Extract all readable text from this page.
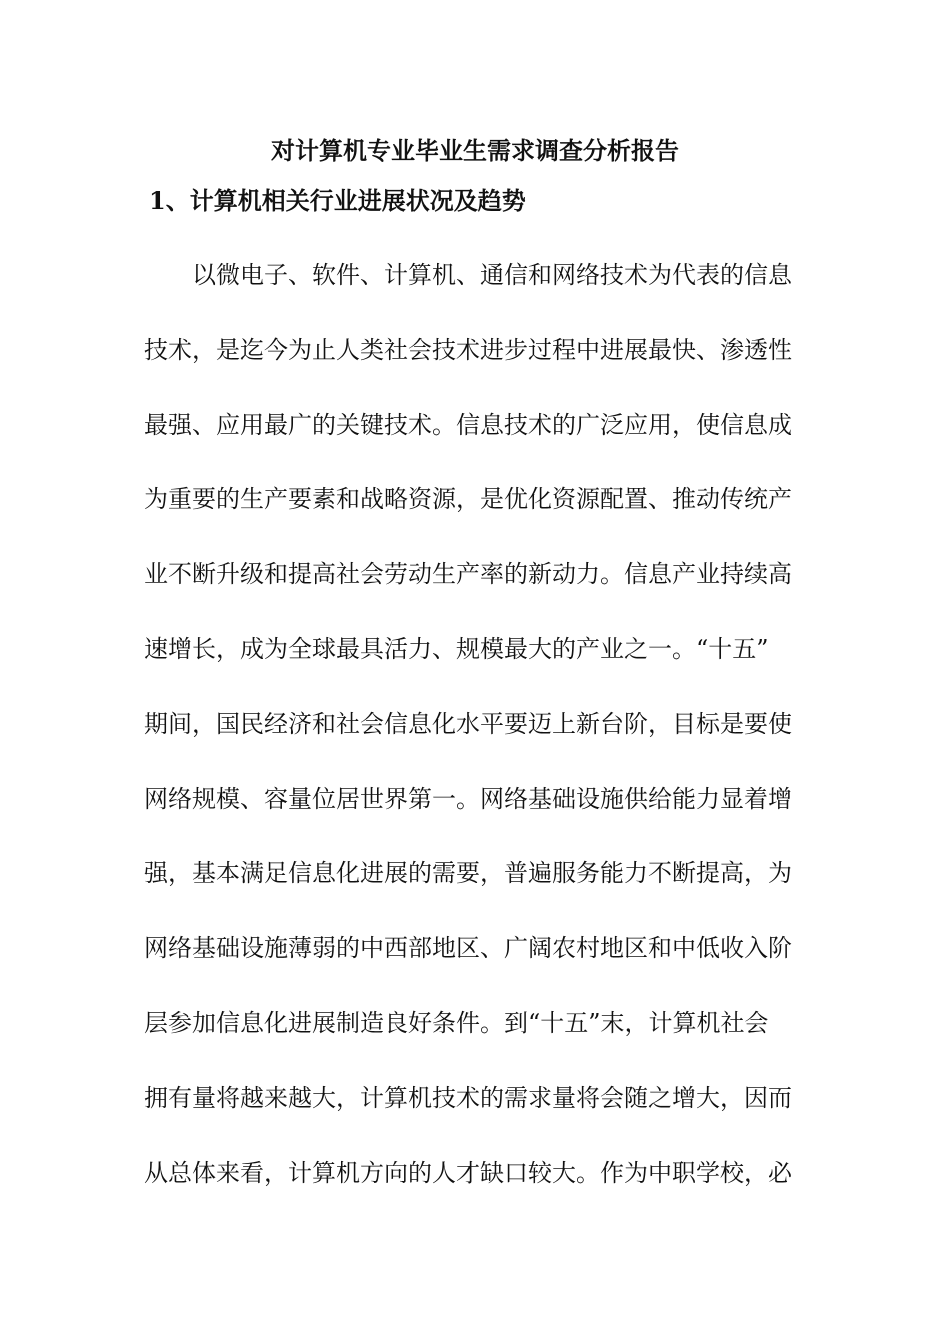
对计算机专业毕业生需求调查分析报告
1、计算机相关行业进展状况及趋势
以微电子、软件、计算机、通信和网络技术为代表的信息
技术，是迄今为止人类社会技术进步过程中进展最快、渗透性
最强、应用最广的关键技术。信息技术的广泛应用，使信息成
为重要的生产要素和战略资源，是优化资源配置、推动传统产
业不断升级和提高社会劳动生产率的新动力。信息产业持续高
速增长，成为全球最具活力、规模最大的产业之一。“十五”
期间，国民经济和社会信息化水平要迈上新台阶，目标是要使
网络规模、容量位居世界第一。网络基础设施供给能力显着增
强，基本满足信息化进展的需要，普遍服务能力不断提高，为
网络基础设施薄弱的中西部地区、广阔农村地区和中低收入阶
层参加信息化进展制造良好条件。到“十五”末，计算机社会
拥有量将越来越大，计算机技术的需求量将会随之增大，因而
从总体来看，计算机方向的人才缺口较大。作为中职学校，必
